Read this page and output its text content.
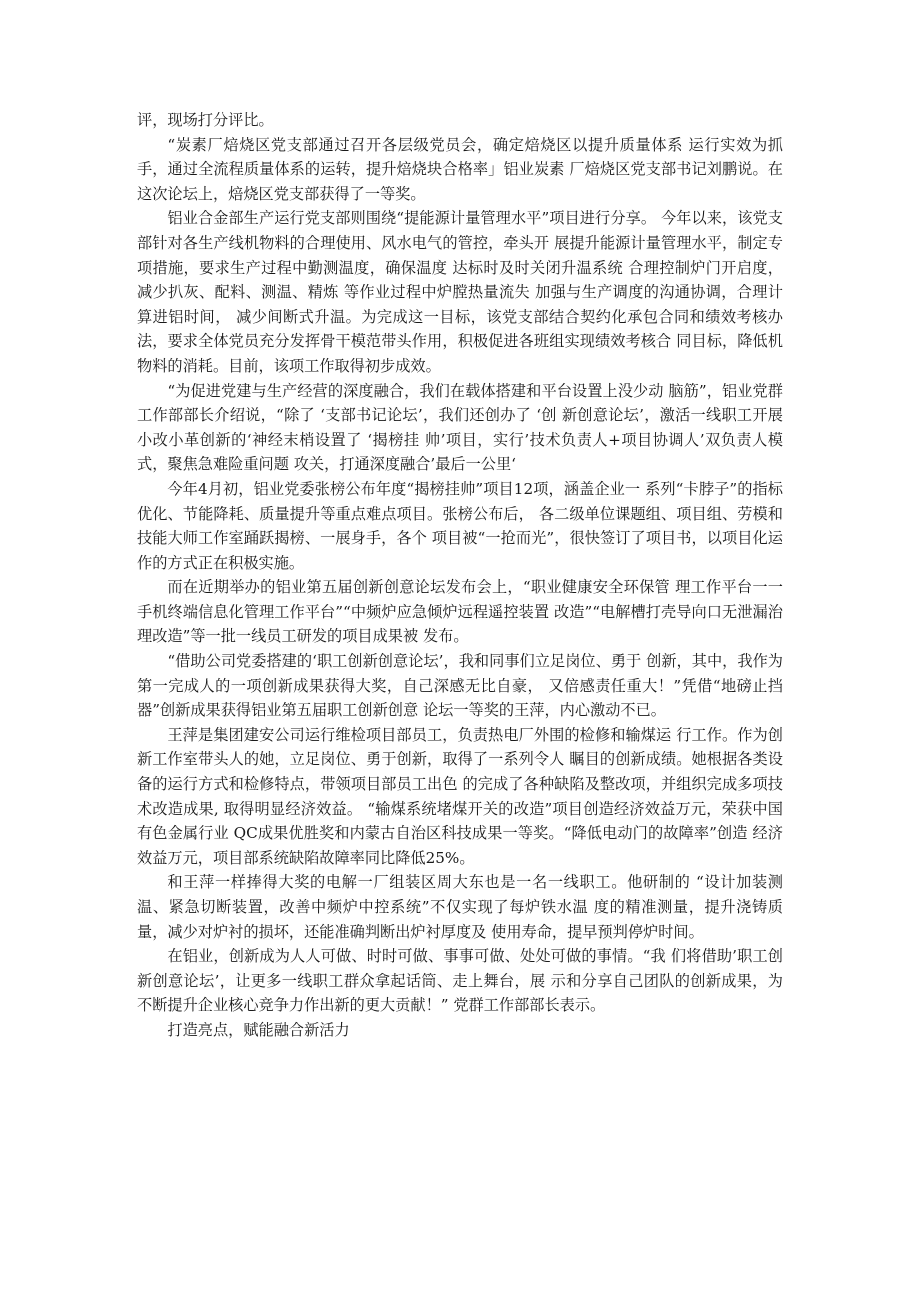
评，现场打分评比。

“炭素厂焙烧区党支部通过召开各层级党员会，确定焙烧区以提升质量体系 运行实效为抓手，通过全流程质量体系的运转，提升焙烧块合格率」铝业炭素 厂焙烧区党支部书记刘鹏说。在这次论坛上，焙烧区党支部获得了一等奖。

铝业合金部生产运行党支部则围绕“提能源计量管理水平”项目进行分享。 今年以来，该党支部针对各生产线机物料的合理使用、风水电气的管控，牵头开 展提升能源计量管理水平，制定专项措施，要求生产过程中勤测温度，确保温度 达标时及时关闭升温系统 合理控制炉门开启度，减少扒灰、配料、测温、精炼 等作业过程中炉膛热量流失 加强与生产调度的沟通协调，合理计算进铝时间， 减少间断式升温。为完成这一目标，该党支部结合契约化承包合同和绩效考核办 法，要求全体党员充分发挥骨干模范带头作用，积极促进各班组实现绩效考核合 同目标，降低机物料的消耗。目前，该项工作取得初步成效。

“为促进党建与生产经营的深度融合，我们在载体搭建和平台设置上没少动 脑筋”，铝业党群工作部部长介绍说，“除了 ‘支部书记论坛’，我们还创办了 ‘创 新创意论坛’，激活一线职工开展小改小革创新的‘神经末梢设置了 ‘揭榜挂 帅’项目，实行’技术负责人+项目协调人’双负责人模式，聚焦急难险重问题 攻关，打通深度融合’最后一公里‘

今年4月初，铝业党委张榜公布年度“揭榜挂帅”项目12项，涵盖企业一 系列“卡脖子”的指标优化、节能降耗、质量提升等重点难点项目。张榜公布后， 各二级单位课题组、项目组、劳模和技能大师工作室踊跃揭榜、一展身手，各个 项目被“一抢而光”，很快签订了项目书，以项目化运作的方式正在积极实施。

而在近期举办的铝业第五届创新创意论坛发布会上，“职业健康安全环保管 理工作平台一一手机终端信息化管理工作平台”“中频炉应急倾炉远程遥控装置 改造”“电解槽打壳导向口无泄漏治理改造”等一批一线员工研发的项目成果被 发布。

“借助公司党委搭建的‘职工创新创意论坛’，我和同事们立足岗位、勇于 创新，其中，我作为第一完成人的一项创新成果获得大奖，自己深感无比自豪， 又倍感责任重大！”凭借“地磅止挡器”创新成果获得铝业第五届职工创新创意 论坛一等奖的王萍，内心激动不已。

王萍是集团建安公司运行维检项目部员工，负责热电厂外围的检修和输煤运 行工作。作为创新工作室带头人的她，立足岗位、勇于创新，取得了一系列令人 瞩目的创新成绩。她根据各类设备的运行方式和检修特点，带领项目部员工出色 的完成了各种缺陷及整改项，并组织完成多项技术改造成果, 取得明显经济效益。 “输煤系统堵煤开关的改造”项目创造经济效益万元，荣获中国有色金属行业 QC成果优胜奖和内蒙古自治区科技成果一等奖。“降低电动门的故障率”创造 经济效益万元，项目部系统缺陷故障率同比降低25%。

和王萍一样捧得大奖的电解一厂组装区周大东也是一名一线职工。他研制的 “设计加装测温、紧急切断装置，改善中频炉中控系统”不仅实现了每炉铁水温 度的精准测量，提升浇铸质量，减少对炉衬的损坏，还能准确判断出炉衬厚度及 使用寿命，提早预判停炉时间。

在铝业，创新成为人人可做、时时可做、事事可做、处处可做的事情。“我 们将借助’职工创新创意论坛’，让更多一线职工群众拿起话筒、走上舞台，展 示和分享自己团队的创新成果，为不断提升企业核心竞争力作出新的更大贡献！” 党群工作部部长表示。

打造亮点，赋能融合新活力
